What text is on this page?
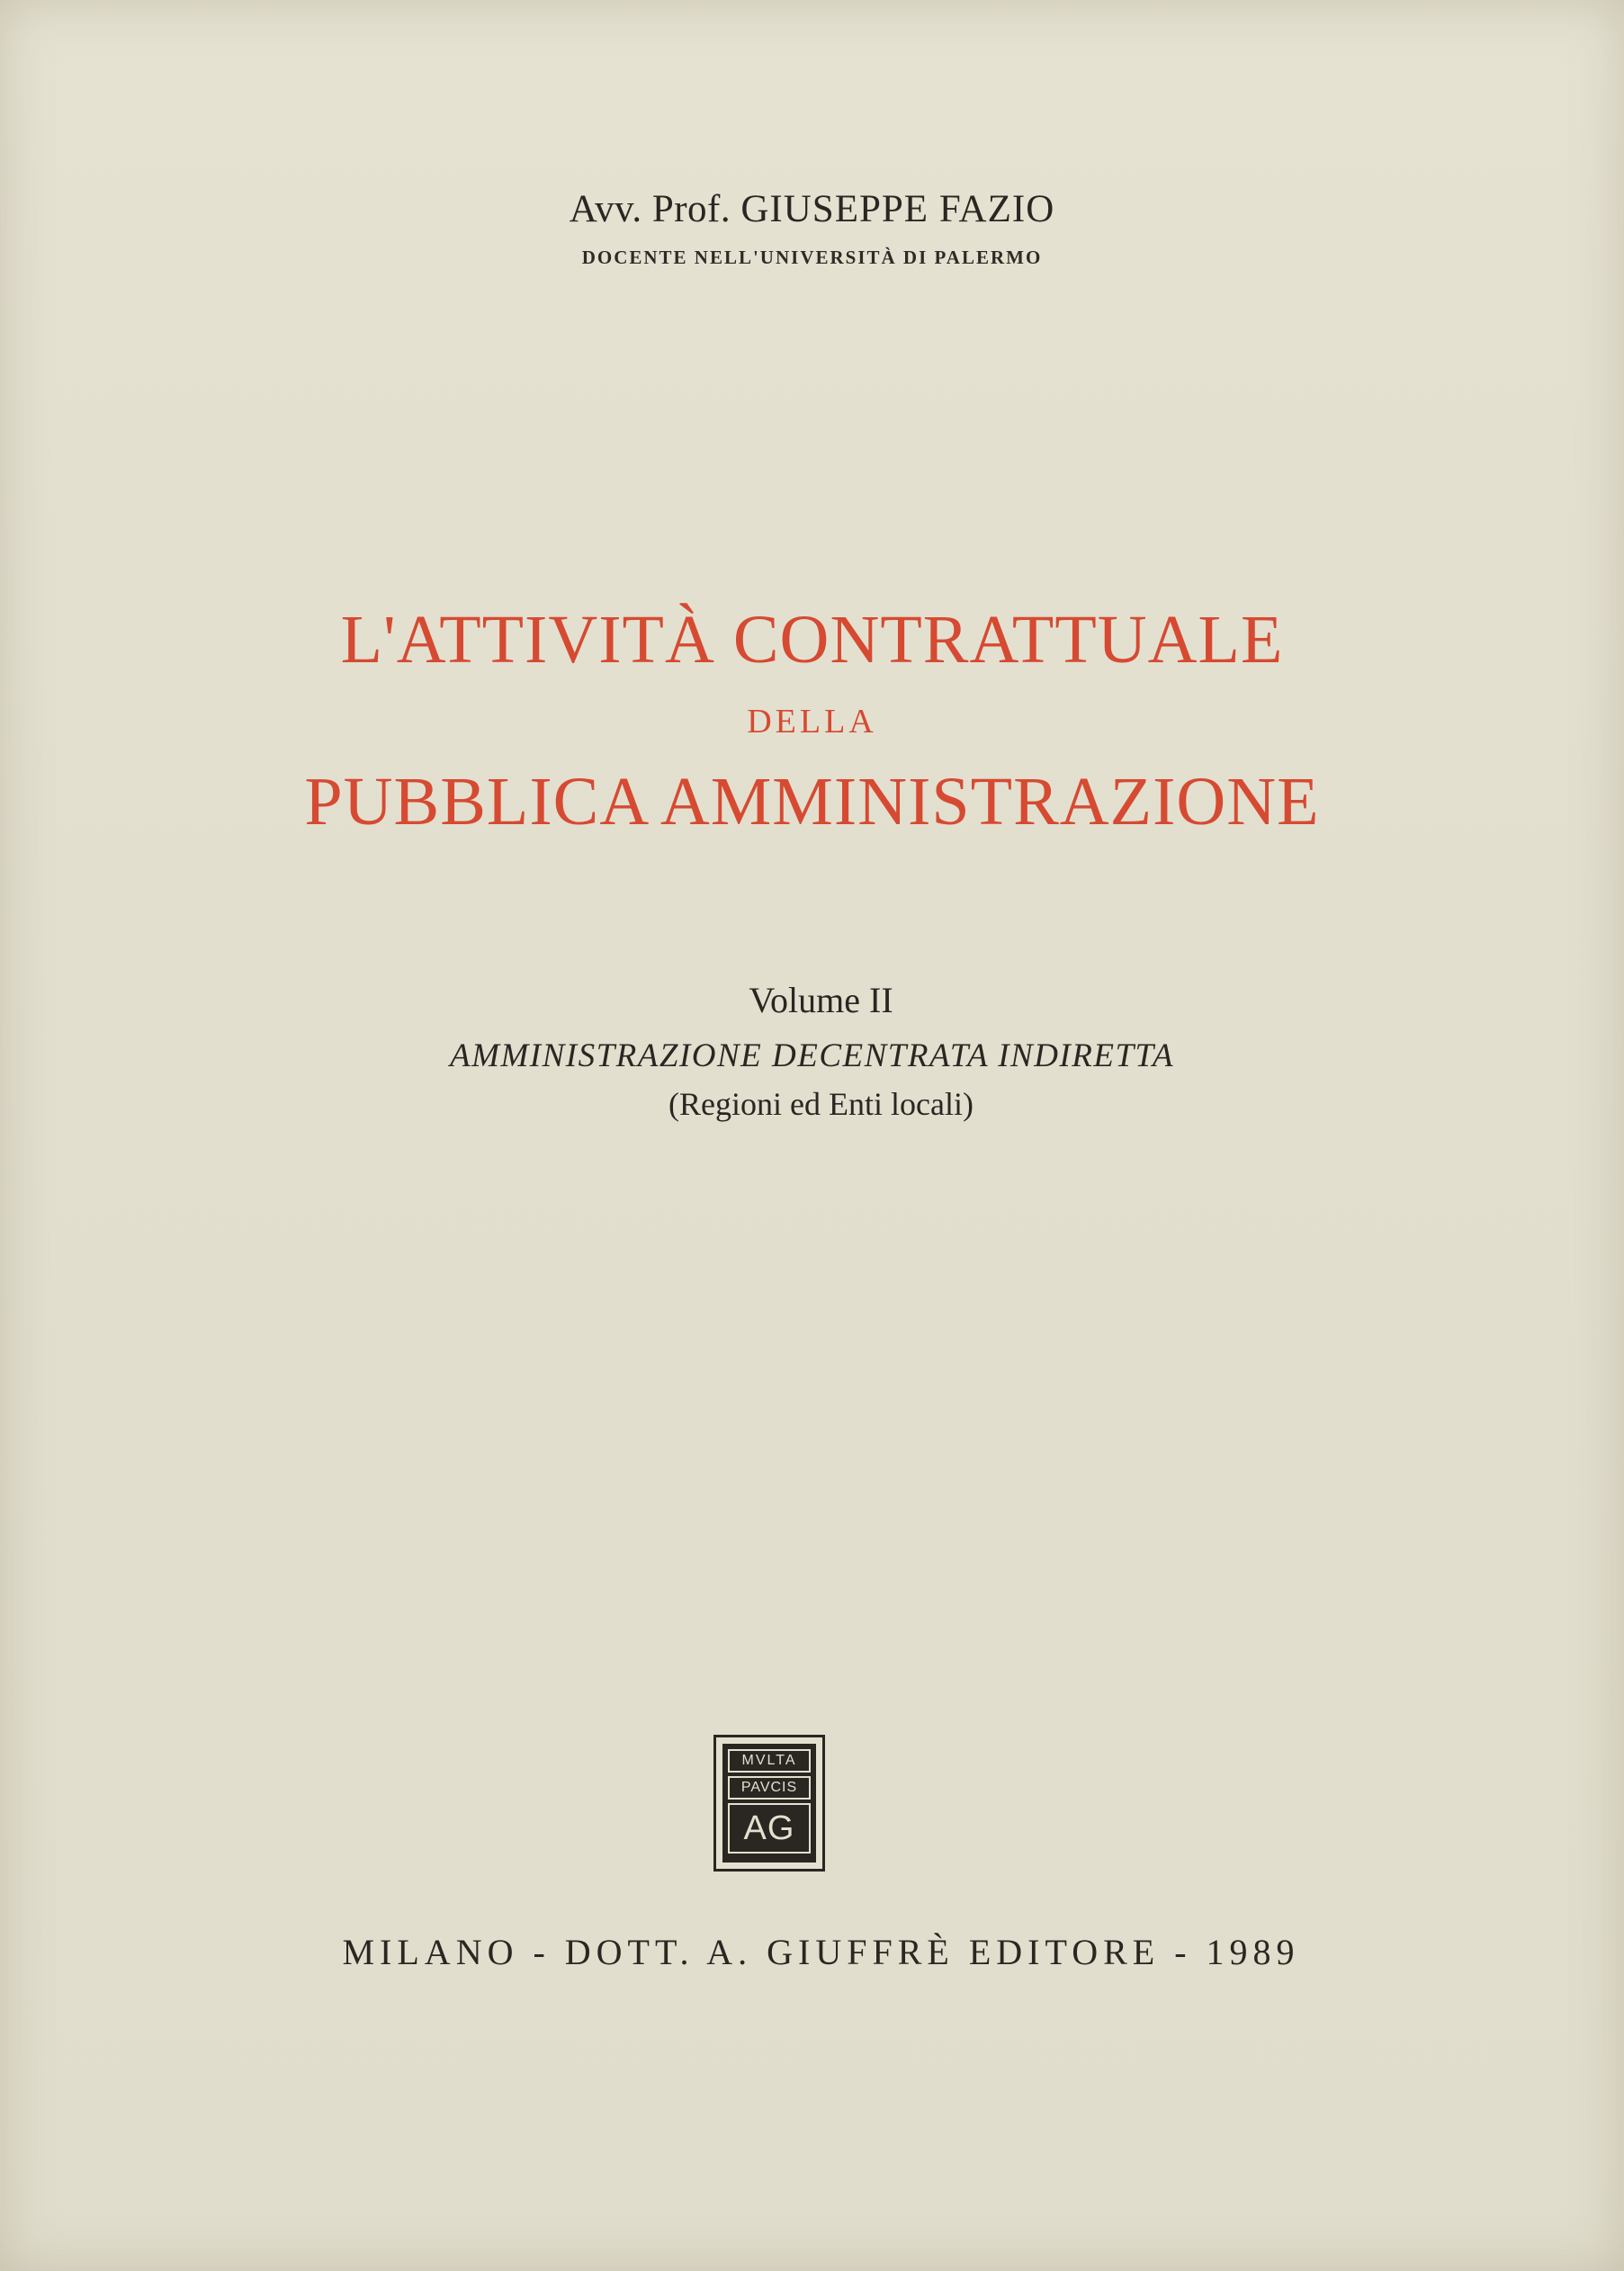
Avv. Prof. GIUSEPPE FAZIO
DOCENTE NELL'UNIVERSITÀ DI PALERMO
L'ATTIVITÀ CONTRATTUALE
DELLA
PUBBLICA AMMINISTRAZIONE
Volume II
AMMINISTRAZIONE DECENTRATA INDIRETTA
(Regioni ed Enti locali)
MVLTA
PAVCIS
AG
MILANO - DOTT. A. GIUFFRÈ EDITORE - 1989
